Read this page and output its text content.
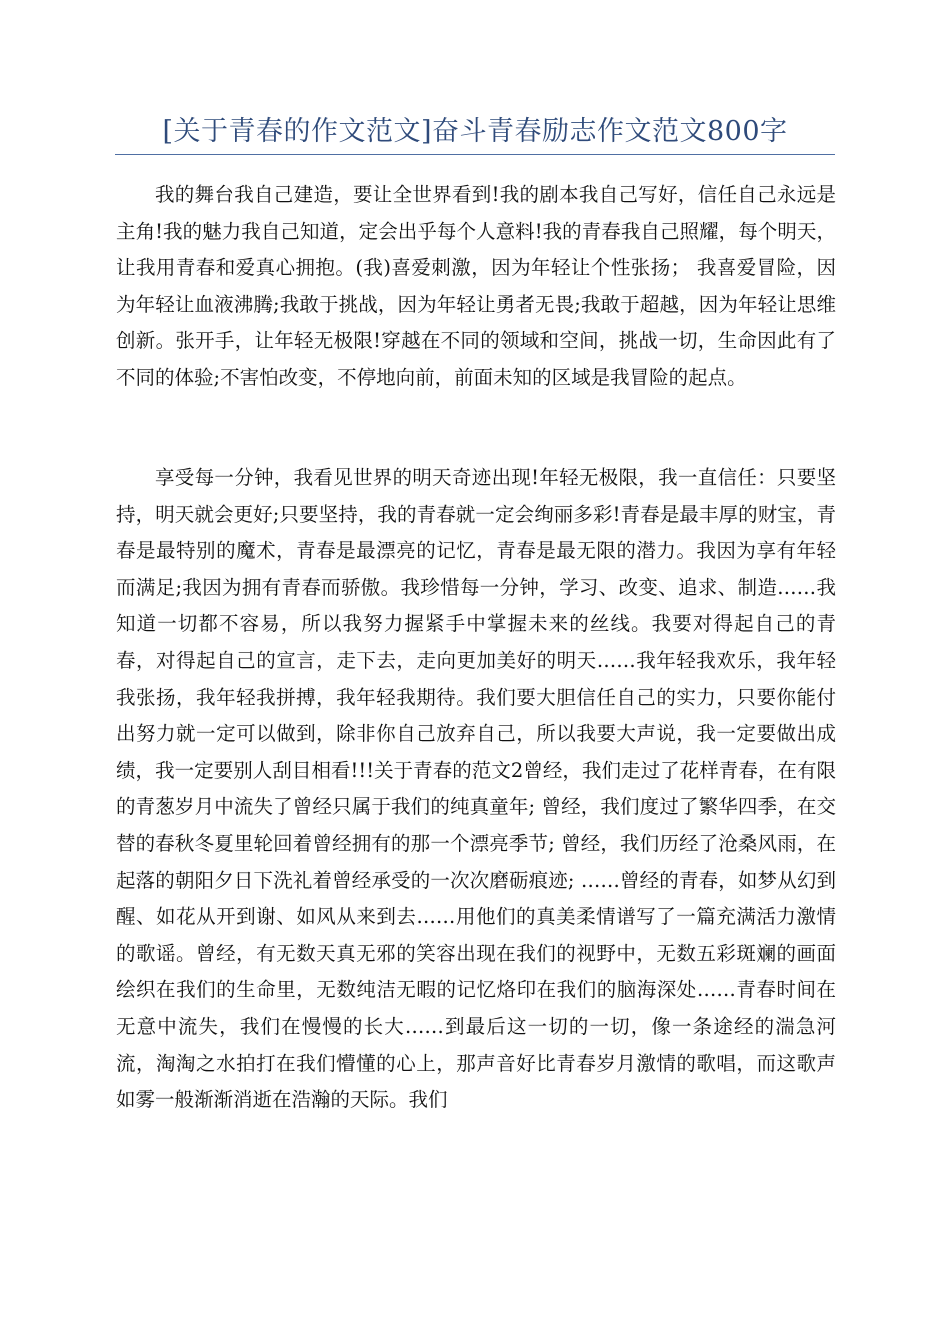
[关于青春的作文范文]奋斗青春励志作文范文800字

我的舞台我自己建造，要让全世界看到!我的剧本我自己写好，信任自己永远是主角!我的魅力我自己知道，定会出乎每个人意料!我的青春我自己照耀，每个明天，让我用青春和爱真心拥抱。(我)喜爱刺激，因为年轻让个性张扬； 我喜爱冒险，因为年轻让血液沸腾;我敢于挑战，因为年轻让勇者无畏;我敢于超越，因为年轻让思维创新。张开手，让年轻无极限!穿越在不同的领域和空间，挑战一切，生命因此有了不同的体验;不害怕改变，不停地向前，前面未知的区域是我冒险的起点。

享受每一分钟，我看见世界的明天奇迹出现!年轻无极限，我一直信任：只要坚持，明天就会更好;只要坚持，我的青春就一定会绚丽多彩!青春是最丰厚的财宝，青春是最特别的魔术，青春是最漂亮的记忆，青春是最无限的潜力。我因为享有年轻而满足;我因为拥有青春而骄傲。我珍惜每一分钟，学习、改变、追求、制造……我知道一切都不容易，所以我努力握紧手中掌握未来的丝线。我要对得起自己的青春，对得起自己的宣言，走下去，走向更加美好的明天……我年轻我欢乐，我年轻我张扬，我年轻我拼搏，我年轻我期待。我们要大胆信任自己的实力，只要你能付出努力就一定可以做到，除非你自己放弃自己，所以我要大声说，我一定要做出成绩，我一定要别人刮目相看!!!关于青春的范文2曾经，我们走过了花样青春，在有限的青葱岁月中流失了曾经只属于我们的纯真童年; 曾经，我们度过了繁华四季，在交替的春秋冬夏里轮回着曾经拥有的那一个漂亮季节; 曾经，我们历经了沧桑风雨，在起落的朝阳夕日下洗礼着曾经承受的一次次磨砺痕迹; ……曾经的青春，如梦从幻到醒、如花从开到谢、如风从来到去……用他们的真美柔情谱写了一篇充满活力激情的歌谣。曾经，有无数天真无邪的笑容出现在我们的视野中，无数五彩斑斓的画面绘织在我们的生命里，无数纯洁无暇的记忆烙印在我们的脑海深处……青春时间在无意中流失，我们在慢慢的长大……到最后这一切的一切，像一条途经的湍急河流，淘淘之水拍打在我们懵懂的心上，那声音好比青春岁月激情的歌唱，而这歌声如雾一般渐渐消逝在浩瀚的天际。我们
